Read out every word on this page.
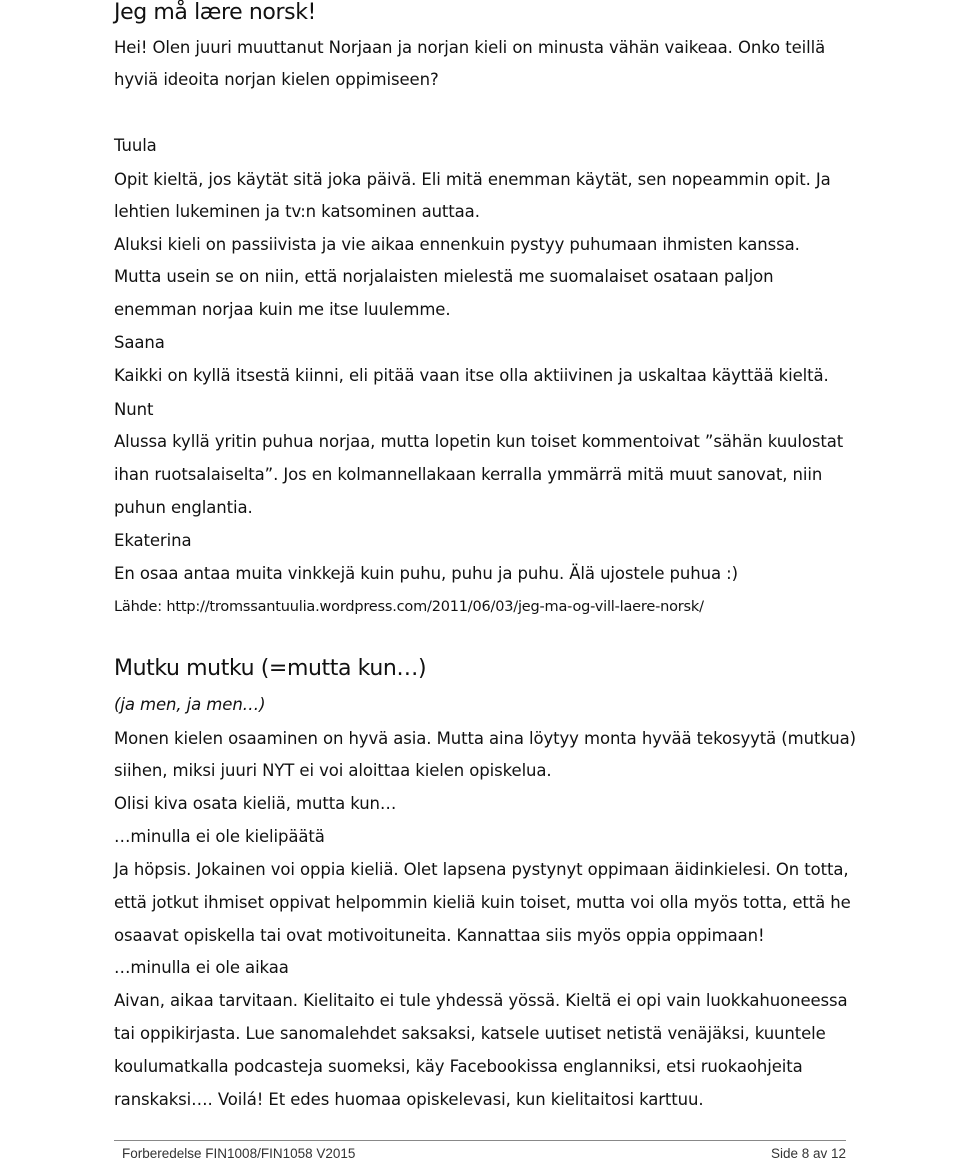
Jeg må lære norsk!
Hei! Olen juuri muuttanut Norjaan ja norjan kieli on minusta vähän vaikeaa. Onko teillä
hyviä ideoita norjan kielen oppimiseen?
Tuula
Opit kieltä, jos käytät sitä joka päivä. Eli mitä enemman käytät, sen nopeammin opit. Ja
lehtien lukeminen ja tv:n katsominen auttaa.
Aluksi kieli on passiivista ja vie aikaa ennenkuin pystyy puhumaan ihmisten kanssa.
Mutta usein se on niin, että norjalaisten mielestä me suomalaiset osataan paljon
enemman norjaa kuin me itse luulemme.
Saana
Kaikki on kyllä itsestä kiinni, eli pitää vaan itse olla aktiivinen ja uskaltaa käyttää kieltä.
Nunt
Alussa kyllä yritin puhua norjaa, mutta lopetin kun toiset kommentoivat ”sähän kuulostat
ihan ruotsalaiselta”. Jos en kolmannellakaan kerralla ymmärrä mitä muut sanovat, niin
puhun englantia.
Ekaterina
En osaa antaa muita vinkkejä kuin puhu, puhu ja puhu. Älä ujostele puhua :)
Lähde: http://tromssantuulia.wordpress.com/2011/06/03/jeg-ma-og-vill-laere-norsk/
Mutku mutku (=mutta kun…)
(ja men, ja men…)
Monen kielen osaaminen on hyvä asia. Mutta aina löytyy monta hyvää tekosyytä (mutkua)
siihen, miksi juuri NYT ei voi aloittaa kielen opiskelua.
Olisi kiva osata kieliä, mutta kun…
…minulla ei ole kielipäätä
Ja höpsis. Jokainen voi oppia kieliä. Olet lapsena pystynyt oppimaan äidinkielesi. On totta,
että jotkut ihmiset oppivat helpommin kieliä kuin toiset, mutta voi olla myös totta, että he
osaavat opiskella tai ovat motivoituneita. Kannattaa siis myös oppia oppimaan!
…minulla ei ole aikaa
Aivan, aikaa tarvitaan. Kielitaito ei tule yhdessä yössä. Kieltä ei opi vain luokkahuoneessa
tai oppikirjasta. Lue sanomalehdet saksaksi, katsele uutiset netistä venäjäksi, kuuntele
koulumatkalla podcasteja suomeksi, käy Facebookissa englanniksi, etsi ruokaohjeita
ranskaksi…. Voilá! Et edes huomaa opiskelevasi, kun kielitaitosi karttuu.
Forberedelse FIN1008/FIN1058 V2015	Side 8 av 12
